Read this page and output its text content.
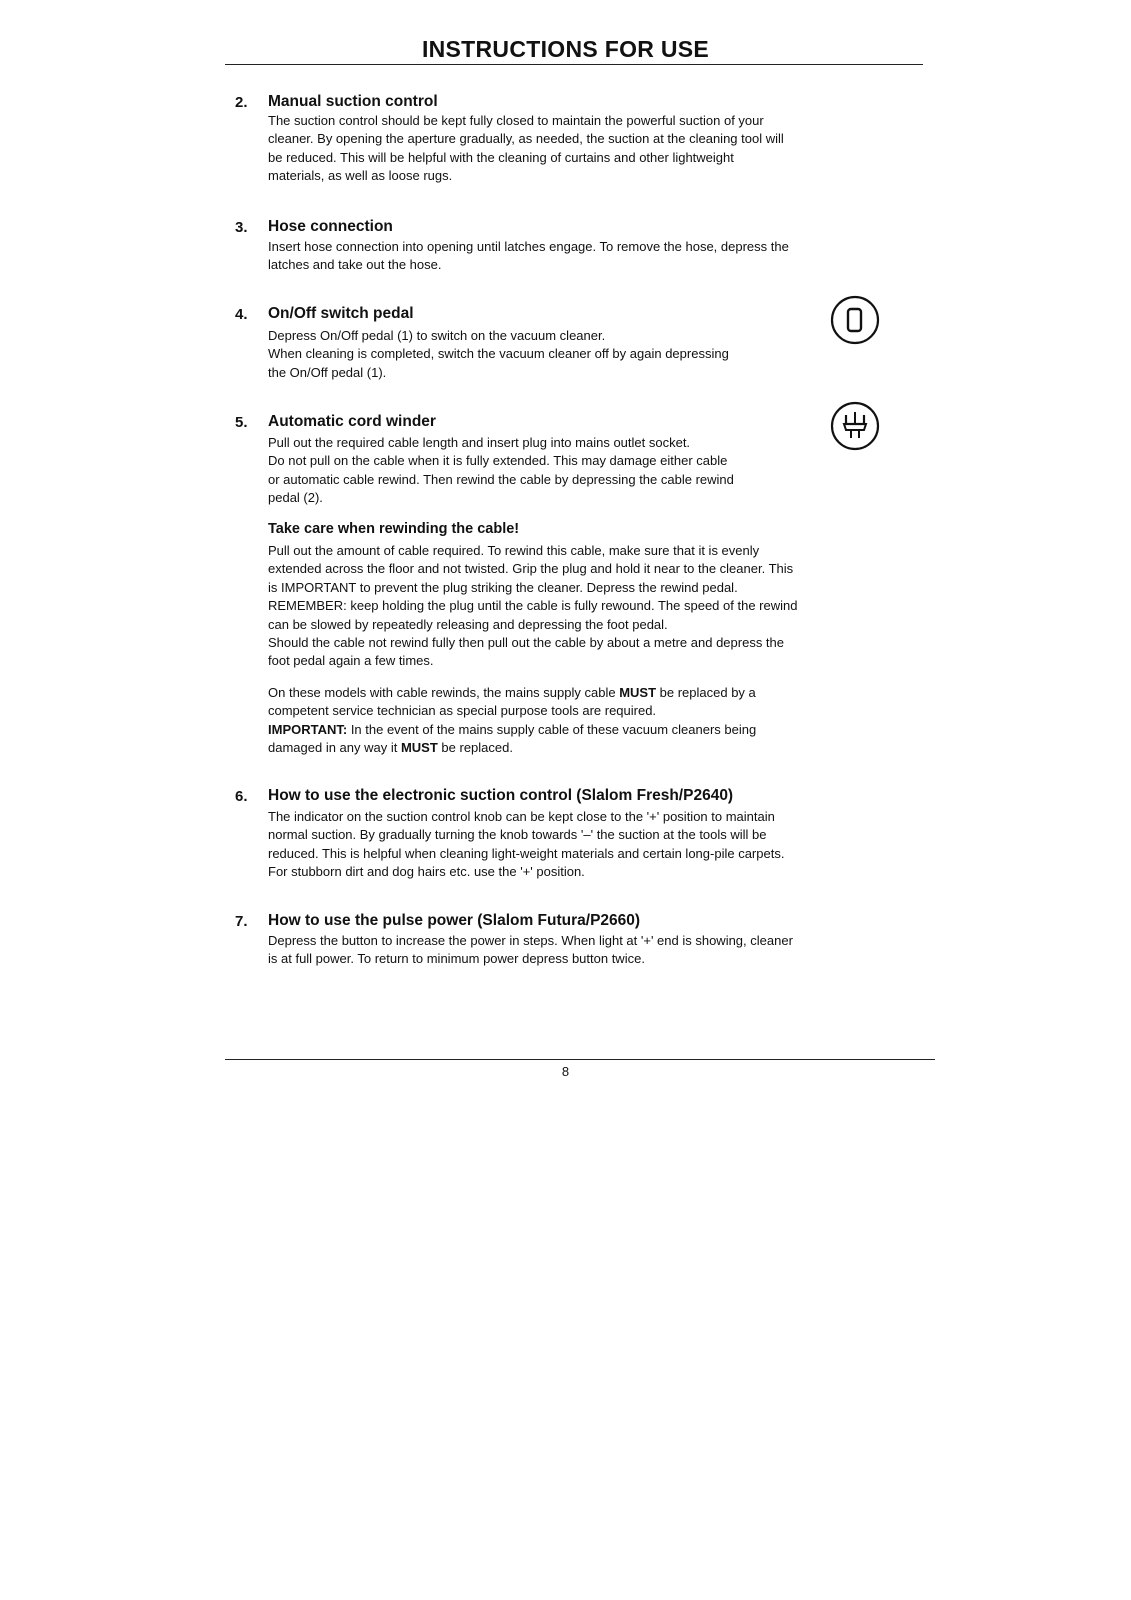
INSTRUCTIONS FOR USE
2. Manual suction control

The suction control should be kept fully closed to maintain the powerful suction of your

cleaner. By opening the aperture gradually, as needed, the suction at the cleaning tool will

be reduced. This will be helpful with the cleaning of curtains and other lightweight

materials, as well as loose rugs.

3. Hose connection

Insert hose connection into opening until latches engage. To remove the hose, depress the

latches and take out the hose.

4. On/Off switch pedal

Depress On/Off pedal (1) to switch on the vacuum cleaner.

When cleaning is completed, switch the vacuum cleaner off by again depressing

the On/Off pedal (1).

5. Automatic cord winder

Pull out the required cable length and insert plug into mains outlet socket.

Do not pull on the cable when it is fully extended. This may damage either cable

or automatic cable rewind. Then rewind the cable by depressing the cable rewind

pedal (2).

Take care when rewinding the cable!

Pull out the amount of cable required. To rewind this cable, make sure that it is evenly

extended across the floor and not twisted. Grip the plug and hold it near to the cleaner. This

is IMPORTANT to prevent the plug striking the cleaner. Depress the rewind pedal.

REMEMBER: keep holding the plug until the cable is fully rewound. The speed of the rewind

can be slowed by repeatedly releasing and depressing the foot pedal.

Should the cable not rewind fully then pull out the cable by about a metre and depress the

foot pedal again a few times.

On these models with cable rewinds, the mains supply cable MUST be replaced by a

competent service technician as special purpose tools are required.

IMPORTANT: In the event of the mains supply cable of these vacuum cleaners being

damaged in any way it MUST be replaced.

6. How to use the electronic suction control (Slalom Fresh/P2640)

The indicator on the suction control knob can be kept close to the '+' position to maintain

normal suction. By gradually turning the knob towards '–' the suction at the tools will be

reduced. This is helpful when cleaning light-weight materials and certain long-pile carpets.

For stubborn dirt and dog hairs etc. use the '+' position.

7. How to use the pulse power (Slalom Futura/P2660)

Depress the button to increase the power in steps. When light at '+' end is showing, cleaner

is at full power. To return to minimum power depress button twice.

8
